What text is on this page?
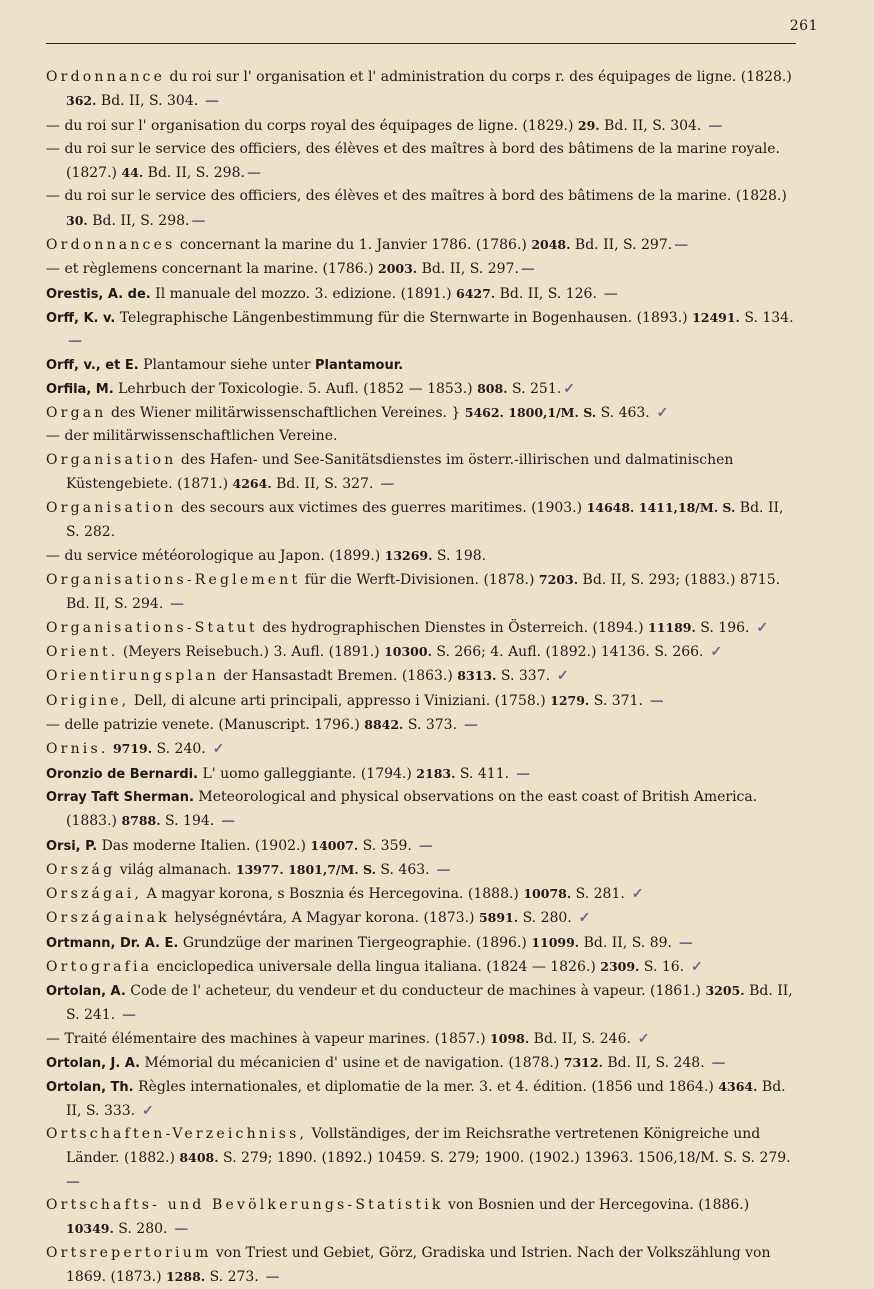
261

Ordonnance du roi sur l' organisation et l' administration du corps r. des équipages de ligne. (1828.) 362. Bd. II, S. 304. —

— du roi sur l' organisation du corps royal des équipages de ligne. (1829.) 29. Bd. II, S. 304. —

— du roi sur le service des officiers, des élèves et des maîtres à bord des bâtimens de la marine royale. (1827.) 44. Bd. II, S. 298. —

— du roi sur le service des officiers, des élèves et des maîtres à bord des bâtimens de la marine. (1828.) 30. Bd. II, S. 298. —

Ordonnances concernant la marine du 1. Janvier 1786. (1786.) 2048. Bd. II, S. 297. —

— et règlemens concernant la marine. (1786.) 2003. Bd. II, S. 297. —

Orestis, A. de. Il manuale del mozzo. 3. edizione. (1891.) 6427. Bd. II, S. 126. —

Orff, K. v. Telegraphische Längenbestimmung für die Sternwarte in Bogenhausen. (1893.) 12491. S. 134. —

Orff, v., et E. Plantamour siehe unter Plantamour.

Orfila, M. Lehrbuch der Toxicologie. 5. Aufl. (1852 — 1853.) 808. S. 251. ✓

Organ des Wiener militärwissenschaftlichen Vereines. } 5462. 1800,1/M. S. S. 463. ✓

— der militärwissenschaftlichen Vereine.

Organisation des Hafen- und See-Sanitätsdienstes im österr.-illirischen und dalmatinischen Küstengebiete. (1871.) 4264. Bd. II, S. 327. —

Organisation des secours aux victimes des guerres maritimes. (1903.) 14648. 1411,18/M. S. Bd. II, S. 282.

— du service météorologique au Japon. (1899.) 13269. S. 198.

Organisations-Reglement für die Werft-Divisionen. (1878.) 7203. Bd. II, S. 293; (1883.) 8715. Bd. II, S. 294. —

Organisations-Statut des hydrographischen Dienstes in Österreich. (1894.) 11189. S. 196. ✓

Orient. (Meyers Reisebuch.) 3. Aufl. (1891.) 10300. S. 266; 4. Aufl. (1892.) 14136. S. 266. ✓

Orientirungsplan der Hansastadt Bremen. (1863.) 8313. S. 337. ✓

Origine, Dell, di alcune arti principali, appresso i Viniziani. (1758.) 1279. S. 371. —

— delle patrizie venete. (Manuscript. 1796.) 8842. S. 373. —

Ornis. 9719. S. 240. ✓

Oronzio de Bernardi. L' uomo galleggiante. (1794.) 2183. S. 411. —

Orray Taft Sherman. Meteorological and physical observations on the east coast of British America. (1883.) 8788. S. 194. —

Orsi, P. Das moderne Italien. (1902.) 14007. S. 359. —

Ország világ almanach. 13977. 1801,7/M. S. S. 463. —

Országai, A magyar korona, s Bosznia és Hercegovina. (1888.) 10078. S. 281. ✓

Országainak helységnévtára, A Magyar korona. (1873.) 5891. S. 280. ✓

Ortmann, Dr. A. E. Grundzüge der marinen Tiergeographie. (1896.) 11099. Bd. II, S. 89. —

Ortografia enciclopedica universale della lingua italiana. (1824 — 1826.) 2309. S. 16. ✓

Ortolan, A. Code de l' acheteur, du vendeur et du conducteur de machines à vapeur. (1861.) 3205. Bd. II, S. 241. —

— Traité élémentaire des machines à vapeur marines. (1857.) 1098. Bd. II, S. 246. ✓

Ortolan, J. A. Mémorial du mécanicien d' usine et de navigation. (1878.) 7312. Bd. II, S. 248. —

Ortolan, Th. Règles internationales, et diplomatie de la mer. 3. et 4. édition. (1856 und 1864.) 4364. Bd. II, S. 333. ✓

Ortschaften-Verzeichniss, Vollständiges, der im Reichsrathe vertretenen Königreiche und Länder. (1882.) 8408. S. 279; 1890. (1892.) 10459. S. 279; 1900. (1902.) 13963. 1506,18/M. S. S. 279. —

Ortschafts- und Bevölkerungs-Statistik von Bosnien und der Hercegovina. (1886.) 10349. S. 280. —

Ortsrepertorium von Triest und Gebiet, Görz, Gradiska und Istrien. Nach der Volkszählung von 1869. (1873.) 1288. S. 273. —
